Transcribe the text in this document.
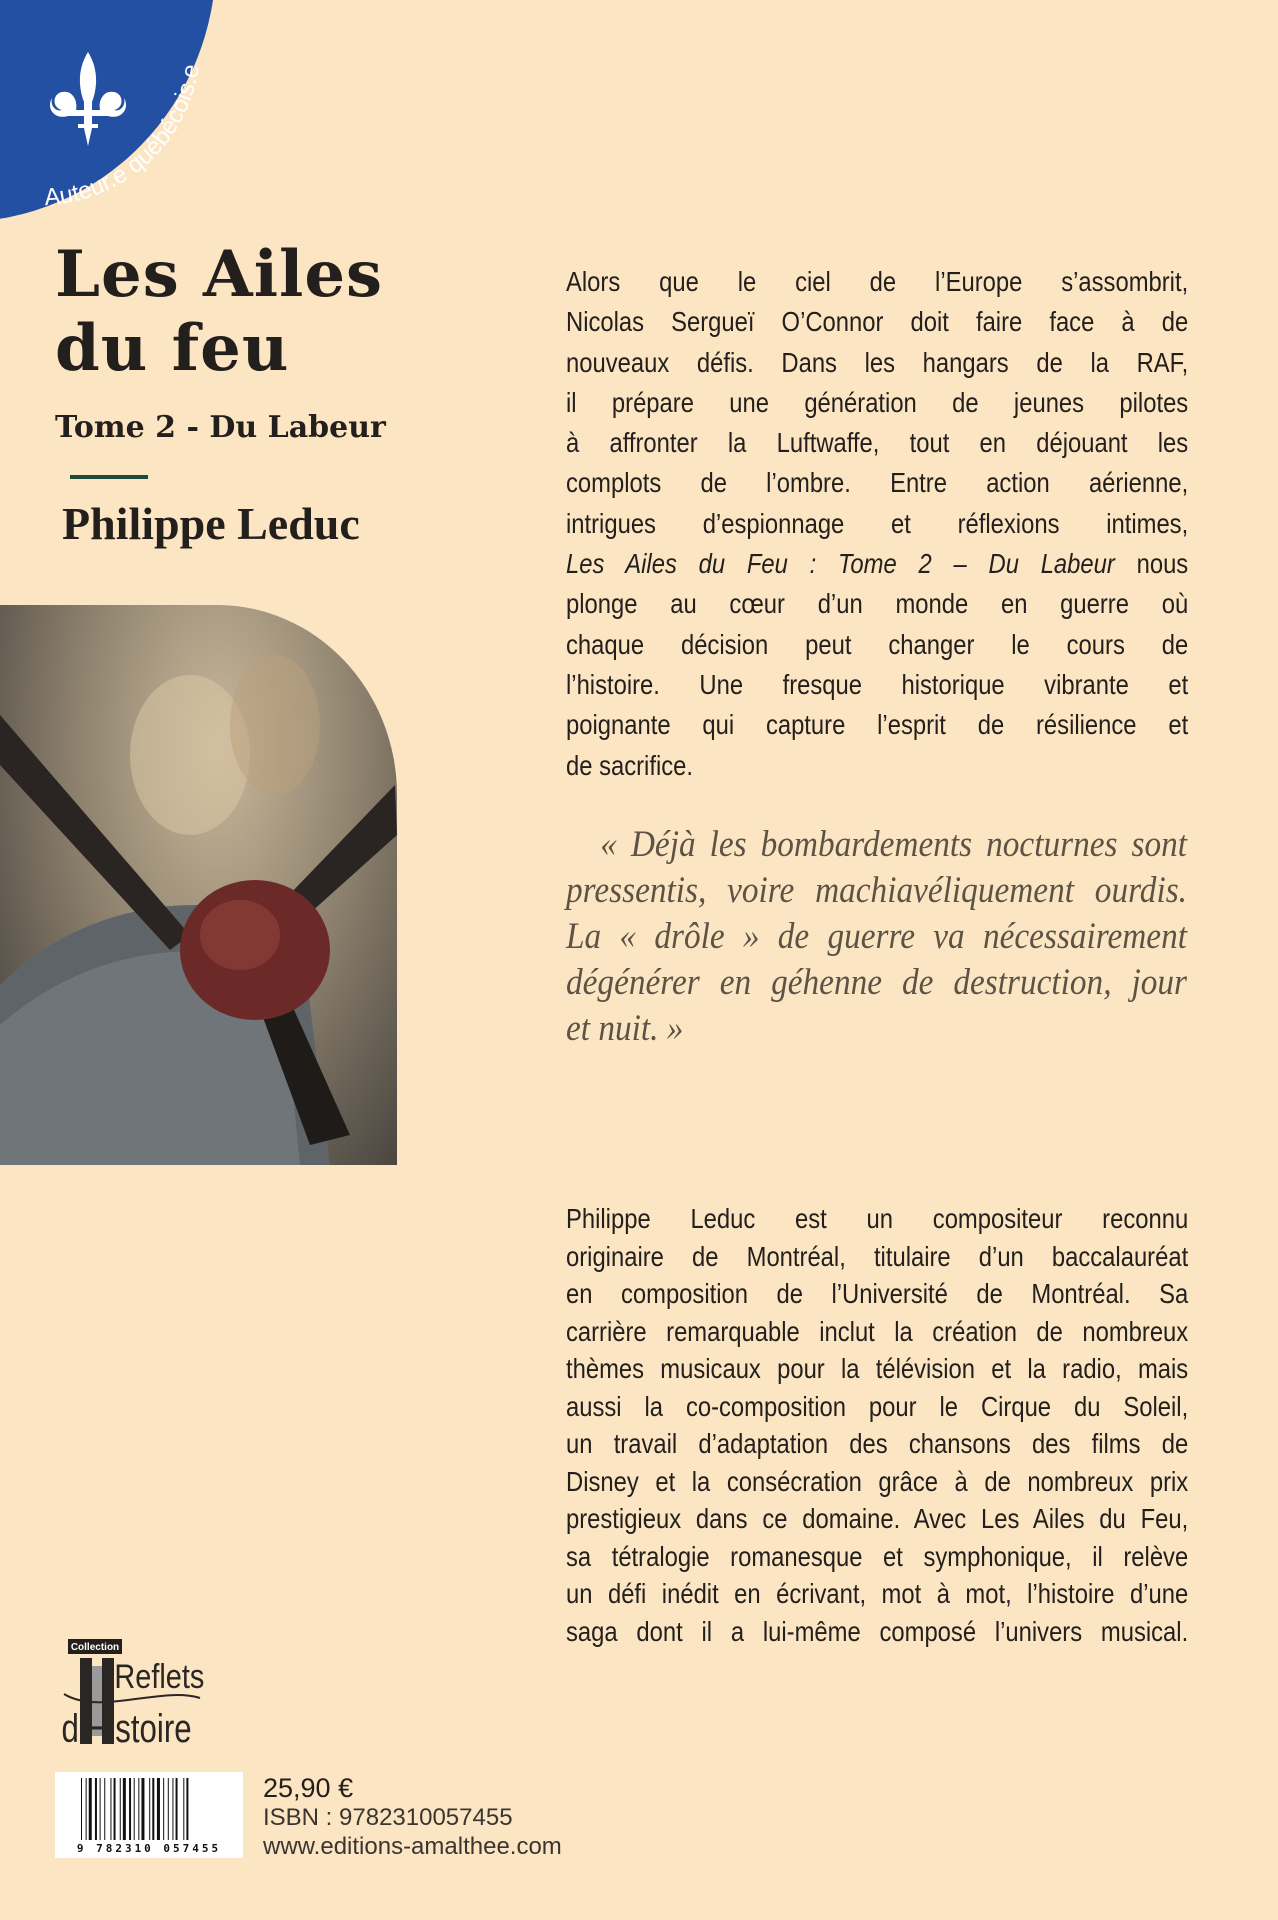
Auteur.e québécois.e
Les Ailes
du feu
Tome 2 - Du Labeur
Philippe Leduc
Alors que le ciel de l’Europe s’assombrit,
Nicolas Sergueï O’Connor doit faire face à de
nouveaux défis. Dans les hangars de la RAF,
il prépare une génération de jeunes pilotes
à affronter la Luftwaffe, tout en déjouant les
complots de l’ombre. Entre action aérienne,
intrigues d’espionnage et réflexions intimes,
Les Ailes du Feu : Tome 2 – Du Labeur nous
plonge au cœur d’un monde en guerre où
chaque décision peut changer le cours de
l’histoire. Une fresque historique vibrante et
poignante qui capture l’esprit de résilience et
de sacrifice.
« Déjà les bombardements nocturnes sont
pressentis, voire machiavéliquement ourdis.
La « drôle » de guerre va nécessairement
dégénérer en géhenne de destruction, jour
et nuit. »
Philippe Leduc est un compositeur reconnu
originaire de Montréal, titulaire d’un baccalauréat
en composition de l’Université de Montréal. Sa
carrière remarquable inclut la création de nombreux
thèmes musicaux pour la télévision et la radio, mais
aussi la co-composition pour le Cirque du Soleil,
un travail d’adaptation des chansons des films de
Disney et la consécration grâce à de nombreux prix
prestigieux dans ce domaine. Avec Les Ailes du Feu,
sa tétralogie romanesque et symphonique, il relève
un défi inédit en écrivant, mot à mot, l’histoire d’une
saga dont il a lui-même composé l’univers musical.
Collection
Reflets
d’Histoire
9 782310 057455
25,90 €
ISBN : 9782310057455
www.editions-amalthee.com
